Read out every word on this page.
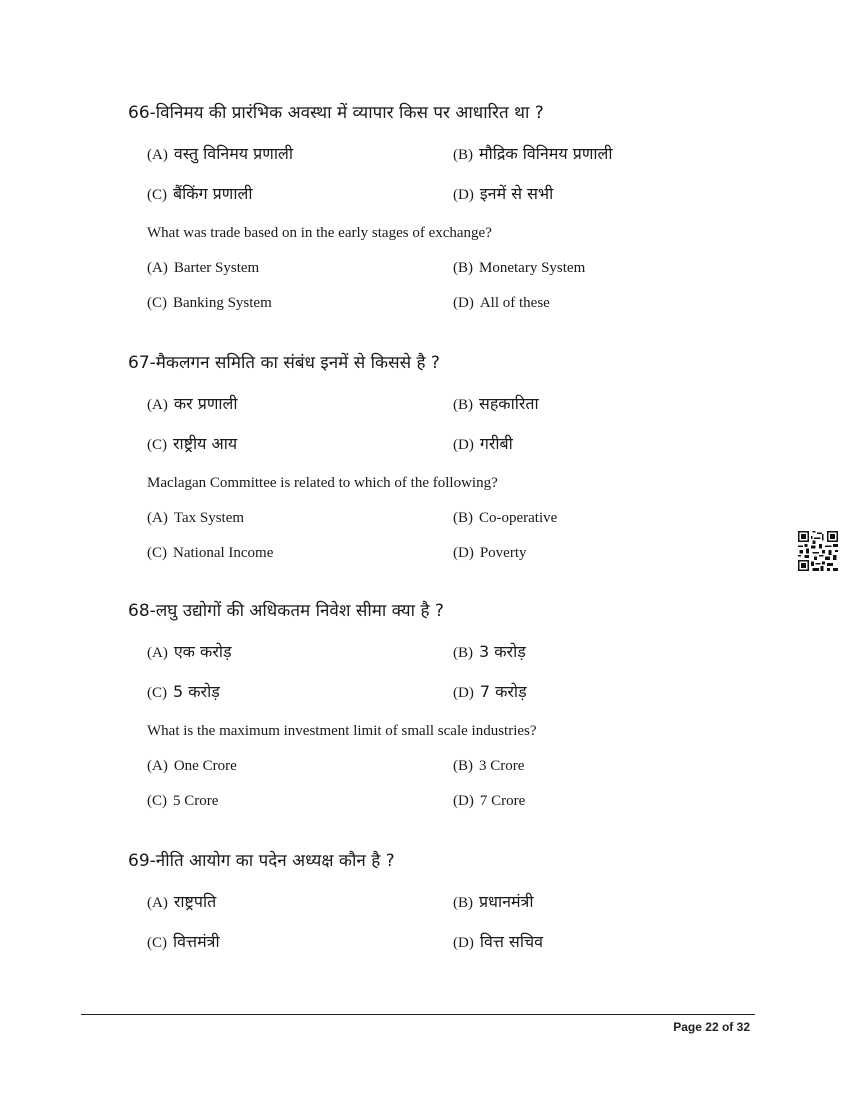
66-विनिमय की प्रारंभिक अवस्था में व्यापार किस पर आधारित था ?
(A) वस्तु विनिमय प्रणाली	(B) मौद्रिक विनिमय प्रणाली
(C) बैंकिंग प्रणाली	(D) इनमें से सभी
What was trade based on in the early stages of exchange?
(A) Barter System	(B) Monetary System
(C) Banking System	(D) All of these
67-मैकलगन समिति का संबंध इनमें से किससे है ?
(A) कर प्रणाली	(B) सहकारिता
(C) राष्ट्रीय आय	(D) गरीबी
Maclagan Committee is related to which of the following?
(A) Tax System	(B) Co-operative
(C) National Income	(D) Poverty
68-लघु उद्योगों की अधिकतम निवेश सीमा क्या है ?
(A) एक करोड़	(B) 3 करोड़
(C) 5 करोड़	(D) 7 करोड़
What is the maximum investment limit of small scale industries?
(A) One Crore	(B) 3 Crore
(C) 5 Crore	(D) 7 Crore
69-नीति आयोग का पदेन अध्यक्ष कौन है ?
(A) राष्ट्रपति	(B) प्रधानमंत्री
(C) वित्तमंत्री	(D) वित्त सचिव
Page 22 of 32
